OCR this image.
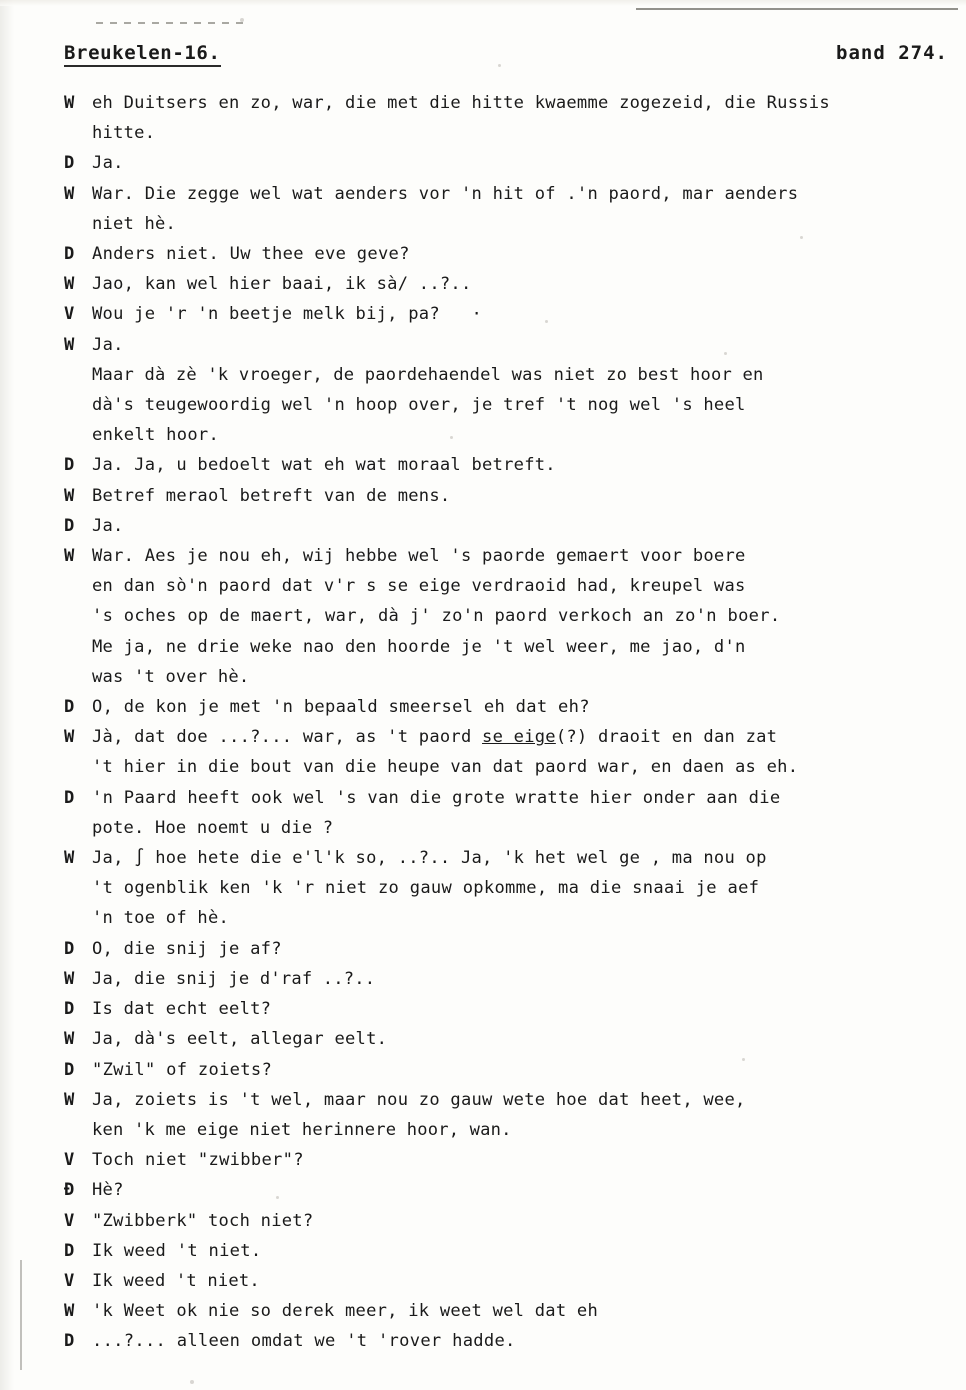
Breukelen-16.	band 274.
W	eh Duitsers en zo, war, die met die hitte kwaemme zogezeid, die Russis
hitte.
D	Ja.
W	War. Die zegge wel wat aenders vor 'n hit of .'n paord, mar aenders
niet hè.
D	Anders niet. Uw thee eve geve?
W	Jao, kan wel hier baai, ik sà/ ..?..
V	Wou je 'r 'n beetje melk bij, pa?   ·
W	Ja.
Maar dà zè 'k vroeger, de paordehaendel was niet zo best hoor en
dà's teugewoordig wel 'n hoop over, je tref 't nog wel 's heel
enkelt hoor.
D	Ja. Ja, u bedoelt wat eh wat moraal betreft.
W	Betref meraol betreft van de mens.
D	Ja.
W	War. Aes je nou eh, wij hebbe wel 's paorde gemaert voor boere
en dan sò'n paord dat v'r s se eige verdraoid had, kreupel was
's oches op de maert, war, dà j' zo'n paord verkoch an zo'n boer.
Me ja, ne drie weke nao den hoorde je 't wel weer, me jao, d'n
was 't over hè.
D	O, de kon je met 'n bepaald smeersel eh dat eh?
W	Jà, dat doe ...?... war, as 't paord se eige(?) draoit en dan zat
't hier in die bout van die heupe van dat paord war, en daen as eh.
D	'n Paard heeft ook wel 's van die grote wratte hier onder aan die
pote. Hoe noemt u die ?
W	Ja, ∫ hoe hete die e'l'k so, ..?.. Ja, 'k het wel ge , ma nou op
't ogenblik ken 'k 'r niet zo gauw opkomme, ma die snaai je aef
'n toe of hè.
D	O, die snij je af?
W	Ja, die snij je d'raf ..?..
D	Is dat echt eelt?
W	Ja, dà's eelt, allegar eelt.
D	"Zwil" of zoiets?
W	Ja, zoiets is 't wel, maar nou zo gauw wete hoe dat heet, wee,
ken 'k me eige niet herinnere hoor, wan.
V	Toch niet "zwibber"?
Ð	Hè?
V	"Zwibberk" toch niet?
D	Ik weed 't niet.
V	Ik weed 't niet.
W	'k Weet ok nie so derek meer, ik weet wel dat eh
D	...?... alleen omdat we 't 'rover hadde.
